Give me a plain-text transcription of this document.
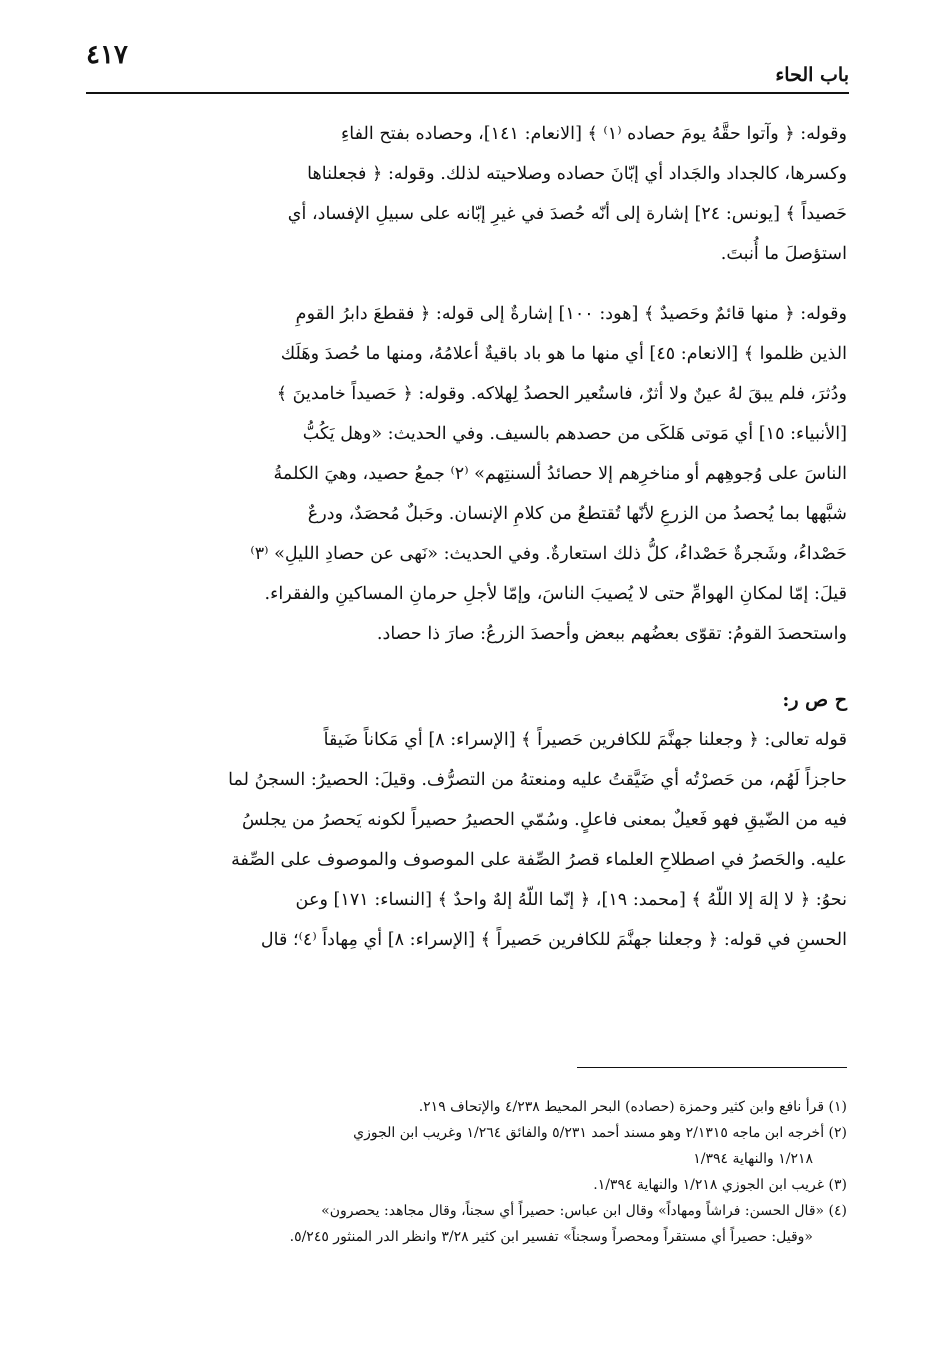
٤١٧
باب الحاء
وقوله: ﴿ وآتوا حقَّهُ يومَ حصاده ⁽١⁾ ﴾ [الانعام: ١٤١]، وحصاده بفتح الفاءِ
وكسرها، كالجداد والجَداد أي إبّانَ حصاده وصلاحيته لذلك. وقوله: ﴿ فجعلناها
حَصيداً ﴾ [يونس: ٢٤] إشارة إلى أنّه حُصدَ في غيرِ إبّانه على سبيلِ الإفساد، أي
استؤصلَ ما أُنبتَ.
وقوله: ﴿ منها قائمٌ وحَصيدٌ ﴾ [هود: ١٠٠] إشارةٌ إلى قوله: ﴿ فقطعَ دابرُ القومِ
الذين ظلموا ﴾ [الانعام: ٤٥] أي منها ما هو باد باقيةٌ أعلامُهُ، ومنها ما حُصدَ وهَلَك
ودُثرَ، فلم يبقَ لهُ عينٌ ولا أثرٌ، فاستُعير الحصدُ لِهلاكه. وقوله: ﴿ حَصيداً خامدينَ ﴾
[الأنبياء: ١٥] أي مَوتى هَلكَى من حصدهم بالسيف. وفي الحديث: «وهل يَكُبُّ
الناسَ على وُجوهِهم أو مناخرِهم إلا حصائدُ ألسنتِهم» ⁽٢⁾ جمعُ حصيد، وهيَ الكلمةُ
شبَّهها بما يُحصدُ من الزرعِ لأنّها تُقتطعُ من كلامِ الإنسان. وحَبلٌ مُحصَدٌ، ودرعٌ
حَصْداءُ، وشَجرةٌ حَصْداءُ، كلُّ ذلك استعارةٌ. وفي الحديث: «نَهى عن حصادِ الليلِ» ⁽٣⁾
قيلَ: إمّا لمكانِ الهوامِّ حتى لا يُصيبَ الناسَ، وإمّا لأجلِ حرمانِ المساكينِ والفقراء.
واستحصدَ القومُ: تقوّى بعضُهم ببعض وأحصدَ الزرعُ: صارَ ذا حصاد.
ح ص ر:
قوله تعالى: ﴿ وجعلنا جهنَّمَ للكافرين حَصيراً ﴾ [الإسراء: ٨] أي مَكاناً ضَيقاً
حاجزاً لَهُم، من حَصرْتُه أي ضَيَّقتُ عليه ومنعتهُ من التصرُّف. وقيلَ: الحصيرُ: السجنُ لما
فيه من الضّيقِ فهو فَعيلٌ بمعنى فاعلٍ. وسُمّي الحصيرُ حصيراً لكونه يَحصرُ من يجلسُ
عليه. والحَصرُ في اصطلاحِ العلماء قصرُ الصِّفة على الموصوف والموصوف على الصِّفة
نحوُ: ﴿ لا إلهَ إلا اللّهُ ﴾ [محمد: ١٩]، ﴿ إنّما اللّهُ إلهٌ واحدٌ ﴾ [النساء: ١٧١] وعن
الحسنِ في قوله: ﴿ وجعلنا جهنَّمَ للكافرين حَصيراً ﴾ [الإسراء: ٨] أي مِهاداً ⁽٤⁾؛ قال
(١) قرأ نافع وابن كثير وحمزة (حصاده) البحر المحيط ٤/٢٣٨ والإتحاف ٢١٩.
(٢) أخرجه ابن ماجه ٢/١٣١٥ وهو مسند أحمد ٥/٢٣١ والفائق ١/٢٦٤ وغريب ابن الجوزي
١/٢١٨ والنهاية ١/٣٩٤
(٣) غريب ابن الجوزي ١/٢١٨ والنهاية ١/٣٩٤.
(٤) «قال الحسن: فراشاً ومهاداً» وقال ابن عباس: حصيراً أي سجناً، وقال مجاهد: يحصرون»
«وقيل: حصيراً أي مستقراً ومحصراً وسجناً» تفسير ابن كثير ٣/٢٨ وانظر الدر المنثور ٥/٢٤٥.
